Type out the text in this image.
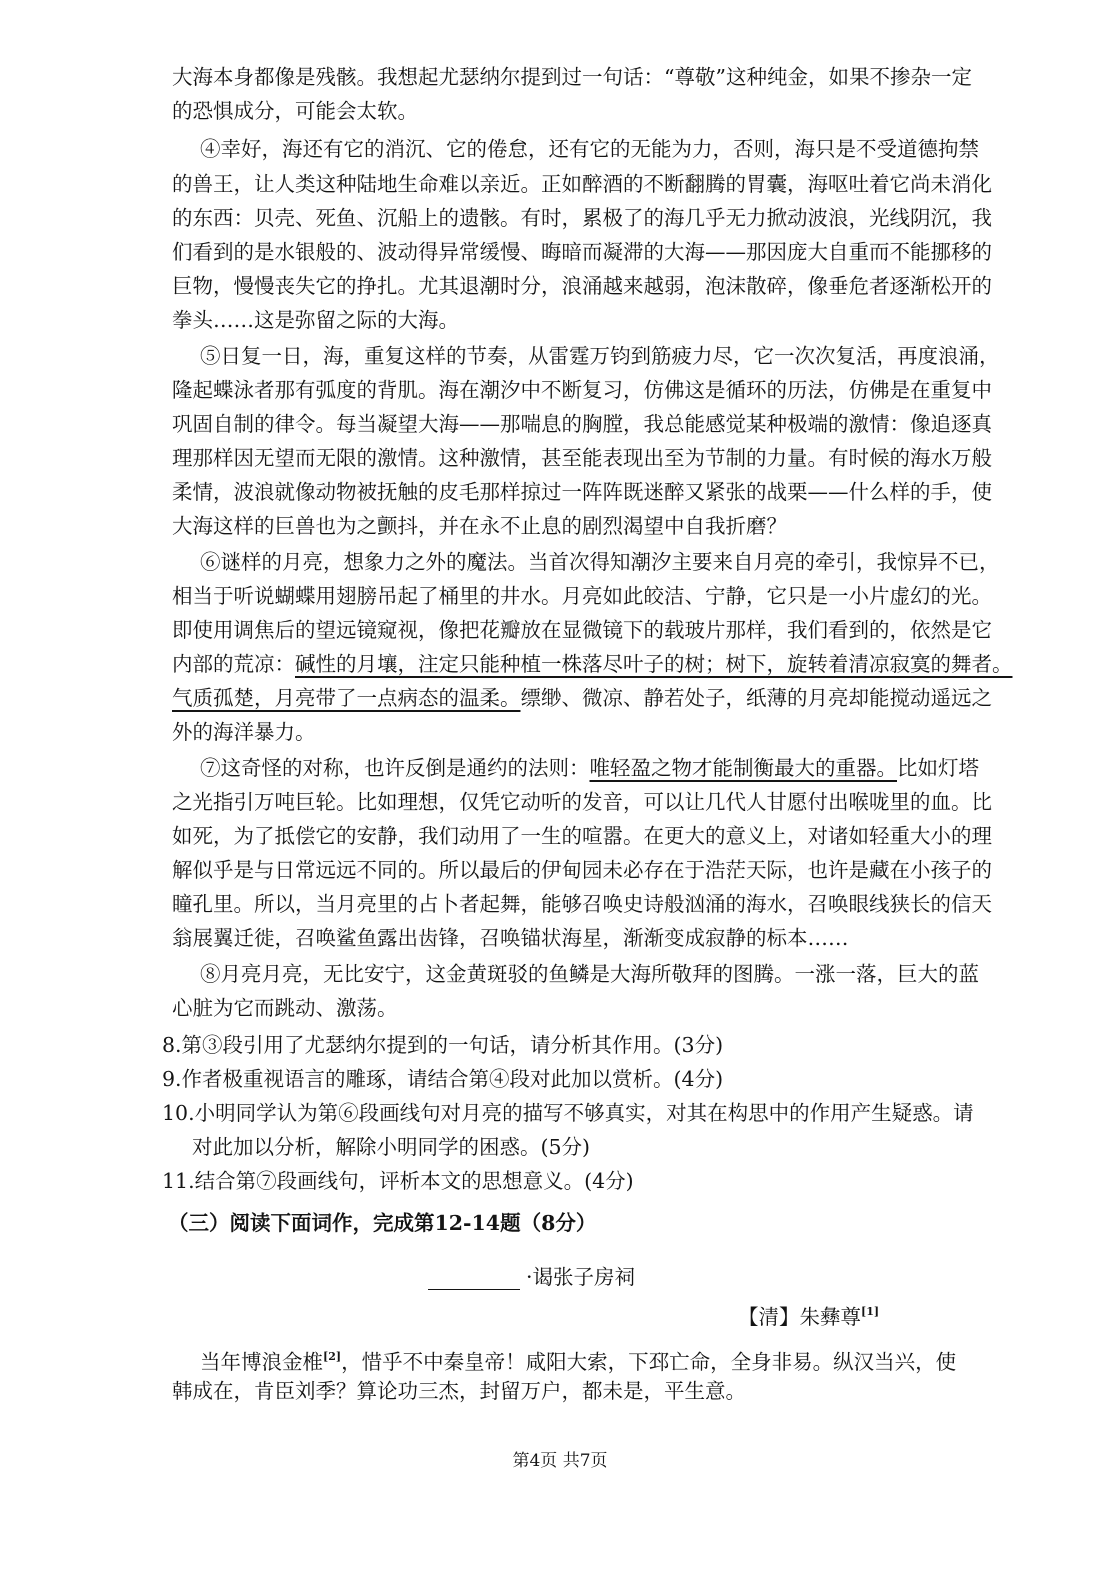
大海本身都像是残骸。我想起尤瑟纳尔提到过一句话：“尊敬”这种纯金，如果不掺杂一定
的恐惧成分，可能会太软。
④幸好，海还有它的消沉、它的倦怠，还有它的无能为力，否则，海只是不受道德拘禁
的兽王，让人类这种陆地生命难以亲近。正如醉酒的不断翻腾的胃囊，海呕吐着它尚未消化
的东西：贝壳、死鱼、沉船上的遗骸。有时，累极了的海几乎无力掀动波浪，光线阴沉，我
们看到的是水银般的、波动得异常缓慢、晦暗而凝滞的大海——那因庞大自重而不能挪移的
巨物，慢慢丧失它的挣扎。尤其退潮时分，浪涌越来越弱，泡沫散碎，像垂危者逐渐松开的
拳头……这是弥留之际的大海。
⑤日复一日，海，重复这样的节奏，从雷霆万钧到筋疲力尽，它一次次复活，再度浪涌，
隆起蝶泳者那有弧度的背肌。海在潮汐中不断复习，仿佛这是循环的历法，仿佛是在重复中
巩固自制的律令。每当凝望大海——那喘息的胸膛，我总能感觉某种极端的激情：像追逐真
理那样因无望而无限的激情。这种激情，甚至能表现出至为节制的力量。有时候的海水万般
柔情，波浪就像动物被抚触的皮毛那样掠过一阵阵既迷醉又紧张的战栗——什么样的手，使
大海这样的巨兽也为之颤抖，并在永不止息的剧烈渴望中自我折磨？
⑥谜样的月亮，想象力之外的魔法。当首次得知潮汐主要来自月亮的牵引，我惊异不已，
相当于听说蝴蝶用翅膀吊起了桶里的井水。月亮如此皎洁、宁静，它只是一小片虚幻的光。
即使用调焦后的望远镜窥视，像把花瓣放在显微镜下的载玻片那样，我们看到的，依然是它
内部的荒凉：碱性的月壤，注定只能种植一株落尽叶子的树；树下，旋转着清凉寂寞的舞者。
气质孤楚，月亮带了一点病态的温柔。缥缈、微凉、静若处子，纸薄的月亮却能搅动遥远之
外的海洋暴力。
⑦这奇怪的对称，也许反倒是通约的法则：唯轻盈之物才能制衡最大的重器。比如灯塔
之光指引万吨巨轮。比如理想，仅凭它动听的发音，可以让几代人甘愿付出喉咙里的血。比
如死，为了抵偿它的安静，我们动用了一生的喧嚣。在更大的意义上，对诸如轻重大小的理
解似乎是与日常远远不同的。所以最后的伊甸园未必存在于浩茫天际，也许是藏在小孩子的
瞳孔里。所以，当月亮里的占卜者起舞，能够召唤史诗般汹涌的海水，召唤眼线狭长的信天
翁展翼迁徙，召唤鲨鱼露出齿锋，召唤锚状海星，渐渐变成寂静的标本……
⑧月亮月亮，无比安宁，这金黄斑驳的鱼鳞是大海所敬拜的图腾。一涨一落，巨大的蓝
心脏为它而跳动、激荡。
8.第③段引用了尤瑟纳尔提到的一句话，请分析其作用。(3分)
9.作者极重视语言的雕琢，请结合第④段对此加以赏析。(4分)
10.小明同学认为第⑥段画线句对月亮的描写不够真实，对其在构思中的作用产生疑惑。请
对此加以分析，解除小明同学的困惑。(5分)
11.结合第⑦段画线句，评析本文的思想意义。(4分)
（三）阅读下面词作，完成第12-14题（8分）
·谒张子房祠
【清】朱彝尊[1]
当年博浪金椎[2]，惜乎不中秦皇帝！咸阳大索，下邳亡命，全身非易。纵汉当兴，使
韩成在，肯臣刘季？算论功三杰，封留万户，都未是，平生意。
第4页 共7页
